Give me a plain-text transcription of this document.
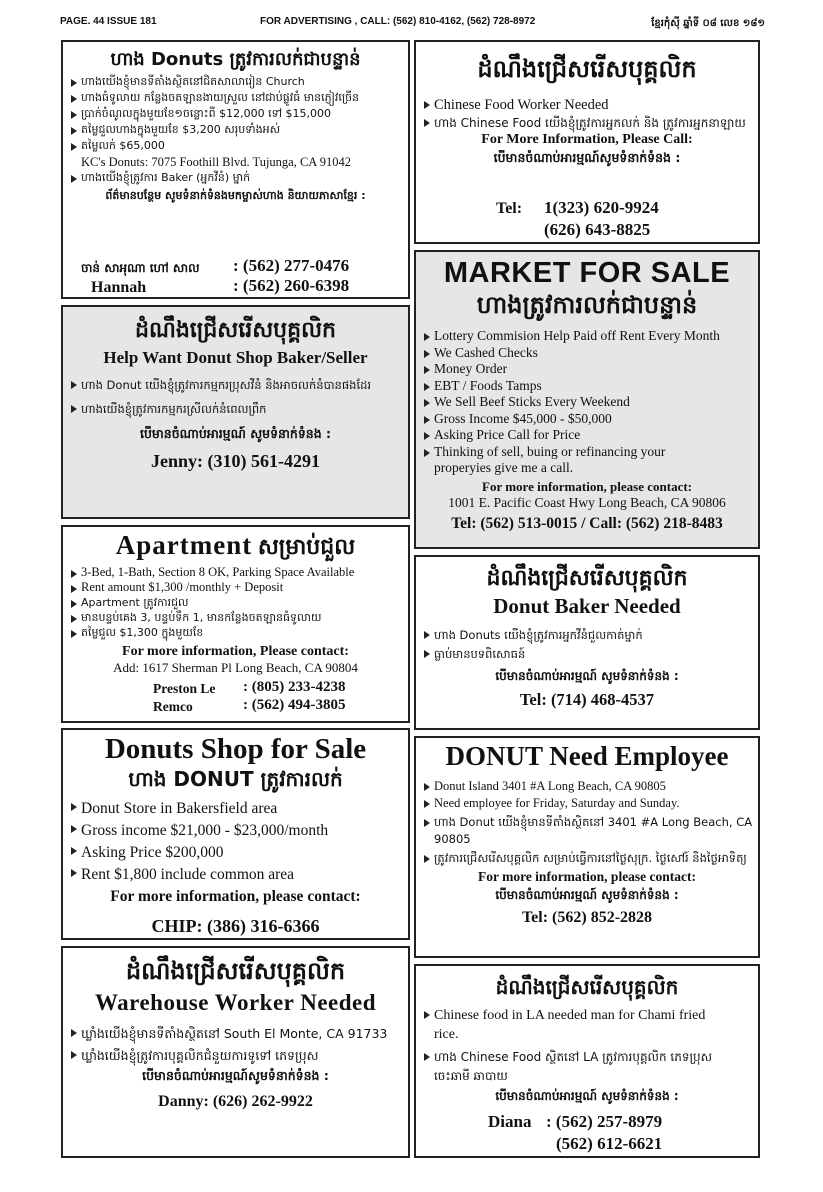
PAGE. 44 ISSUE 181	FOR ADVERTISING , CALL: (562) 810-4162, (562) 728-8972	ខ្មែរកុំស៊ី ឆ្នាំទី ០៨ លេខ ១៨១
ហាង Donuts ត្រូវការលក់ជាបន្ទាន់
ហាងយើងខ្ញុំមានទីតាំងស្ថិតនៅជិតសាលារៀន Church
ហាងធំទូលាយ កន្លែងចតឡានងាយស្រួល នៅជាប់ផ្លូវធំ មានភ្ញៀវច្រើន
ប្រាក់ចំណូលក្នុងមួយខែ១ចន្លោះពី $12,000 ទៅ $15,000
តម្លៃជួលហាងក្នុងមួយខែ $3,200 សរុបទាំងអស់
តម្លៃលក់ $65,000
KC's Donuts: 7075 Foothill Blvd. Tujunga, CA 91042
ហាងយើងខ្ញុំត្រូវការ Baker (អ្នកវីនំ) ម្នាក់
ព័ត៌មានបន្ថែម សូមទំនាក់ទំនងមកម្ចាស់ហាង និយាយភាសាខ្មែរ :
ចាន់ សាអុណា ហៅ សាល : (562) 277-0476
Hannah	: (562) 260-6398
ដំណឹងជ្រើសរើសបុគ្គលិក
Chinese Food Worker Needed
ហាង Chinese Food យើងខ្ញុំត្រូវការអ្នកលក់ និង ត្រូវការអ្នកនាឡាយ
For More Information, Please Call:
បើមានចំណាប់អារម្មណ៍សូមទំនាក់ទំនង :
Tel: 1(323) 620-9924
(626) 643-8825
ដំណឹងជ្រើសរើសបុគ្គលិក
Help Want Donut Shop Baker/Seller
ហាង Donut យើងខ្ញុំត្រូវការកម្មករប្រុសវីនំ និងអាចលក់នំបានផងដែរ
ហាងយើងខ្ញុំត្រូវការកម្មករស្រីលក់នំពេលព្រឹក
បើមានចំណាប់អារម្មណ៍ សូមទំនាក់ទំនង :
Jenny: (310) 561-4291
MARKET FOR SALE
ហាងត្រូវការលក់ជាបន្ទាន់
Lottery Commision Help Paid off Rent Every Month
We Cashed Checks
Money Order
EBT / Foods Tamps
We Sell Beef Sticks Every Weekend
Gross Income $45,000 - $50,000
Asking Price Call for Price
Thinking of sell, buing or refinancing your properyies give me a call.
For more information, please contact:
1001 E. Pacific Coast Hwy Long Beach, CA 90806
Tel: (562) 513-0015 / Call: (562) 218-8483
Apartment សម្រាប់ជួល
3-Bed, 1-Bath, Section 8 OK, Parking Space Available
Rent amount $1,300 /monthly + Deposit
Apartment ត្រូវការជួល
មានបន្ទប់គេង 3, បន្ទប់ទឹក 1, មានកន្លែងចតឡានធំទូលាយ
តម្លៃជួល $1,300 ក្នុងមួយខែ
For more information, Please contact:
Add: 1617 Sherman Pl Long Beach, CA 90804
Preston Le : (805) 233-4238
Remco	: (562) 494-3805
ដំណឹងជ្រើសរើសបុគ្គលិក
Donut Baker Needed
ហាង Donuts យើងខ្ញុំត្រូវការអ្នកវីនំជួលកាត់ម្នាក់
ធ្លាប់មានបទពិសោធន៍
បើមានចំណាប់អារម្មណ៍ សូមទំនាក់ទំនង :
Tel: (714) 468-4537
Donuts Shop for Sale
ហាង DONUT ត្រូវការលក់
Donut Store in Bakersfield area
Gross income $21,000 - $23,000/month
Asking Price $200,000
Rent $1,800 include common area
For more information, please contact:
CHIP: (386) 316-6366
DONUT Need Employee
Donut Island 3401 #A Long Beach, CA 90805
Need employee for Friday, Saturday and Sunday.
ហាង Donut យើងខ្ញុំមានទីតាំងស្ថិតនៅ 3401 #A Long Beach, CA 90805
ត្រូវការជ្រើសរើសបុគ្គលិក សម្រាប់ធ្វើការនៅថ្ងៃសុក្រ. ថ្ងៃសៅរ៍ និងថ្ងៃអាទិត្យ
For more information, please contact:
បើមានចំណាប់អារម្មណ៍ សូមទំនាក់ទំនង :
Tel: (562) 852-2828
ដំណឹងជ្រើសរើសបុគ្គលិក
Warehouse Worker Needed
ឃ្លាំងយើងខ្ញុំមានទីតាំងស្ថិតនៅ South El Monte, CA 91733
ឃ្លាំងយើងខ្ញុំត្រូវការបុគ្គលិកជំនួយការទូទៅ ភេទប្រុស
បើមានចំណាប់អារម្មណ៍សូមទំនាក់ទំនង :
Danny: (626) 262-9922
ដំណឹងជ្រើសរើសបុគ្គលិក
Chinese food in LA needed man for Chami fried rice.
ហាង Chinese Food ស្ថិតនៅ LA ត្រូវការបុគ្គលិក ភេទប្រុស ចេះឆាមី ឆាបាយ
បើមានចំណាប់អារម្មណ៍ សូមទំនាក់ទំនង :
Diana : (562) 257-8979
(562) 612-6621
